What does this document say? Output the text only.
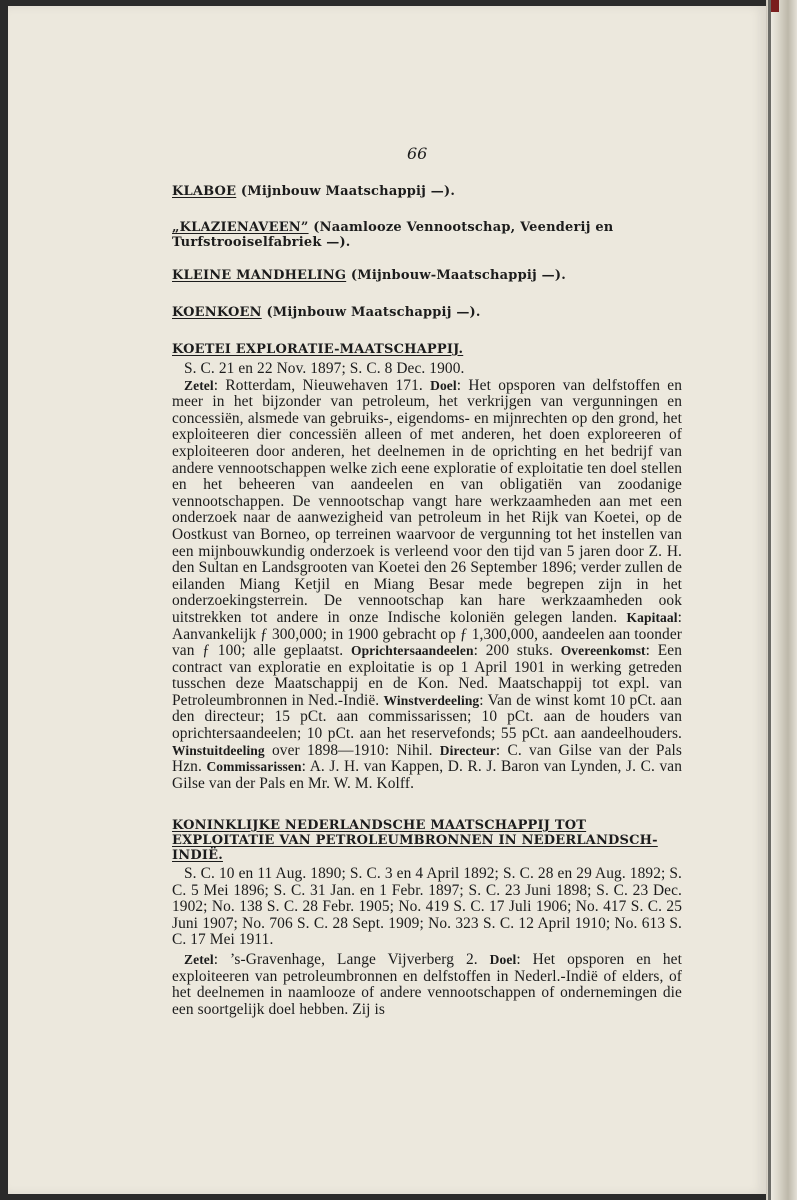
66
KLABOE (Mijnbouw Maatschappij —).
„KLAZIENAVEEN” (Naamlooze Vennootschap, Veenderij en Turfstrooiselfabriek —).
KLEINE MANDHELING (Mijnbouw-Maatschappij —).
KOENKOEN (Mijnbouw Maatschappij —).
KOETEI EXPLORATIE-MAATSCHAPPIJ.
S. C. 21 en 22 Nov. 1897; S. C. 8 Dec. 1900.
Zetel: Rotterdam, Nieuwehaven 171. Doel: Het opsporen van delfstoffen en meer in het bijzonder van petroleum, het verkrijgen van vergunningen en concessiën, alsmede van gebruiks-, eigendoms- en mijnrechten op den grond, het exploiteeren dier concessiën alleen of met anderen, het doen exploreeren of exploiteeren door anderen, het deelnemen in de oprichting en het bedrijf van andere vennootschappen welke zich eene exploratie of exploitatie ten doel stellen en het beheeren van aandeelen en van obligatiën van zoodanige vennootschappen. De vennootschap vangt hare werkzaamheden aan met een onderzoek naar de aanwezigheid van petroleum in het Rijk van Koetei, op de Oostkust van Borneo, op terreinen waarvoor de vergunning tot het instellen van een mijnbouwkundig onderzoek is verleend voor den tijd van 5 jaren door Z. H. den Sultan en Landsgrooten van Koetei den 26 September 1896; verder zullen de eilanden Miang Ketjil en Miang Besar mede begrepen zijn in het onderzoekingsterrein. De vennootschap kan hare werkzaamheden ook uitstrekken tot andere in onze Indische koloniën gelegen landen. Kapitaal: Aanvankelijk ƒ 300,000; in 1900 gebracht op ƒ 1,300,000, aandeelen aan toonder van ƒ 100; alle geplaatst. Oprichtersaandeelen: 200 stuks. Overeenkomst: Een contract van exploratie en exploitatie is op 1 April 1901 in werking getreden tusschen deze Maatschappij en de Kon. Ned. Maatschappij tot expl. van Petroleumbronnen in Ned.-Indië. Winstverdeeling: Van de winst komt 10 pCt. aan den directeur; 15 pCt. aan commissarissen; 10 pCt. aan de houders van oprichtersaandeelen; 10 pCt. aan het reservefonds; 55 pCt. aan aandeelhouders. Winstuitdeeling over 1898—1910: Nihil. Directeur: C. van Gilse van der Pals Hzn. Commissarissen: A. J. H. van Kappen, D. R. J. Baron van Lynden, J. C. van Gilse van der Pals en Mr. W. M. Kolff.
KONINKLIJKE NEDERLANDSCHE MAATSCHAPPIJ TOT EXPLOITATIE VAN PETROLEUMBRONNEN IN NEDERLANDSCH-INDIË.
S. C. 10 en 11 Aug. 1890; S. C. 3 en 4 April 1892; S. C. 28 en 29 Aug. 1892; S. C. 5 Mei 1896; S. C. 31 Jan. en 1 Febr. 1897; S. C. 23 Juni 1898; S. C. 23 Dec. 1902; No. 138 S. C. 28 Febr. 1905; No. 419 S. C. 17 Juli 1906; No. 417 S. C. 25 Juni 1907; No. 706 S. C. 28 Sept. 1909; No. 323 S. C. 12 April 1910; No. 613 S. C. 17 Mei 1911.
Zetel: ’s-Gravenhage, Lange Vijverberg 2. Doel: Het opsporen en het exploiteeren van petroleumbronnen en delfstoffen in Nederl.-Indië of elders, of het deelnemen in naamlooze of andere vennootschappen of ondernemingen die een soortgelijk doel hebben. Zij is
